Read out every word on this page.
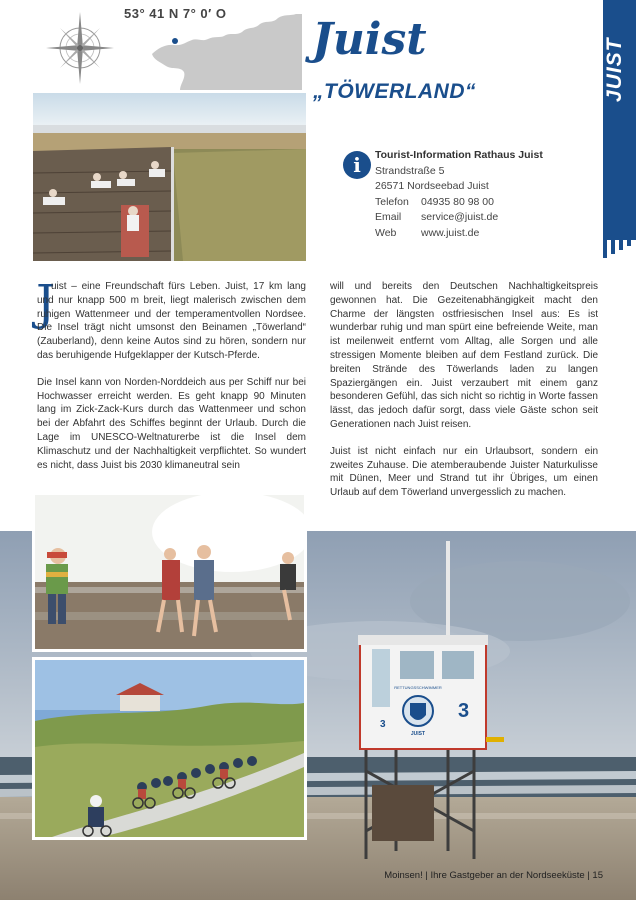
JUIST
53° 41 N 7° 0′ O
Juist
„TÖWERLAND“
i	Tourist-Information Rathaus Juist
Strandstraße 5
26571 Nordseebad Juist
Telefon 04935 80 98 00
Email service@juist.de
Web www.juist.de
J

uist – eine Freundschaft fürs Leben. Juist, 17 km lang und nur knapp 500 m breit, liegt malerisch zwischen dem ruhigen Wattenmeer und der temperamentvollen Nordsee. Die Insel trägt nicht umsonst den Beinamen „Töwerland“ (Zauberland), denn keine Autos sind zu hören, sondern nur das beruhigende Hufgeklapper der Kutsch-Pferde.

Die Insel kann von Norden-Norddeich aus per Schiff nur bei Hochwasser erreicht werden. Es geht knapp 90 Minuten lang im Zick-Zack-Kurs durch das Wattenmeer und schon bei der Abfahrt des Schiffes beginnt der Urlaub. Durch die Lage im UNESCO-Weltnaturerbe ist die Insel dem Klimaschutz und der Nachhaltigkeit verpflichtet. So wundert es nicht, dass Juist bis 2030 klimaneutral sein

will und bereits den Deutschen Nachhaltigkeitspreis gewonnen hat. Die Gezeitenabhängigkeit macht den Charme der längsten ostfriesischen Insel aus: Es ist wunderbar ruhig und man spürt eine befreiende Weite, man ist meilenweit entfernt vom Alltag, alle Sorgen und alle stressigen Momente bleiben auf dem Festland zurück. Die breiten Strände des Töwerlands laden zu langen Spaziergängen ein. Juist verzaubert mit einem ganz besonderen Gefühl, das sich nicht so richtig in Worte fassen lässt, das jedoch dafür sorgt, dass viele Gäste schon seit Generationen nach Juist reisen.

Juist ist nicht einfach nur ein Urlaubsort, sondern ein zweites Zuhause. Die atemberaubende Juister Naturkulisse mit Dünen, Meer und Strand tut ihr Übriges, um einen Urlaub auf dem Töwerland unvergesslich zu machen.

3
3
RETTUNGSSCHWIMMER
JUIST
Moinsen! | Ihre Gastgeber an der Nordseeküste | 15
